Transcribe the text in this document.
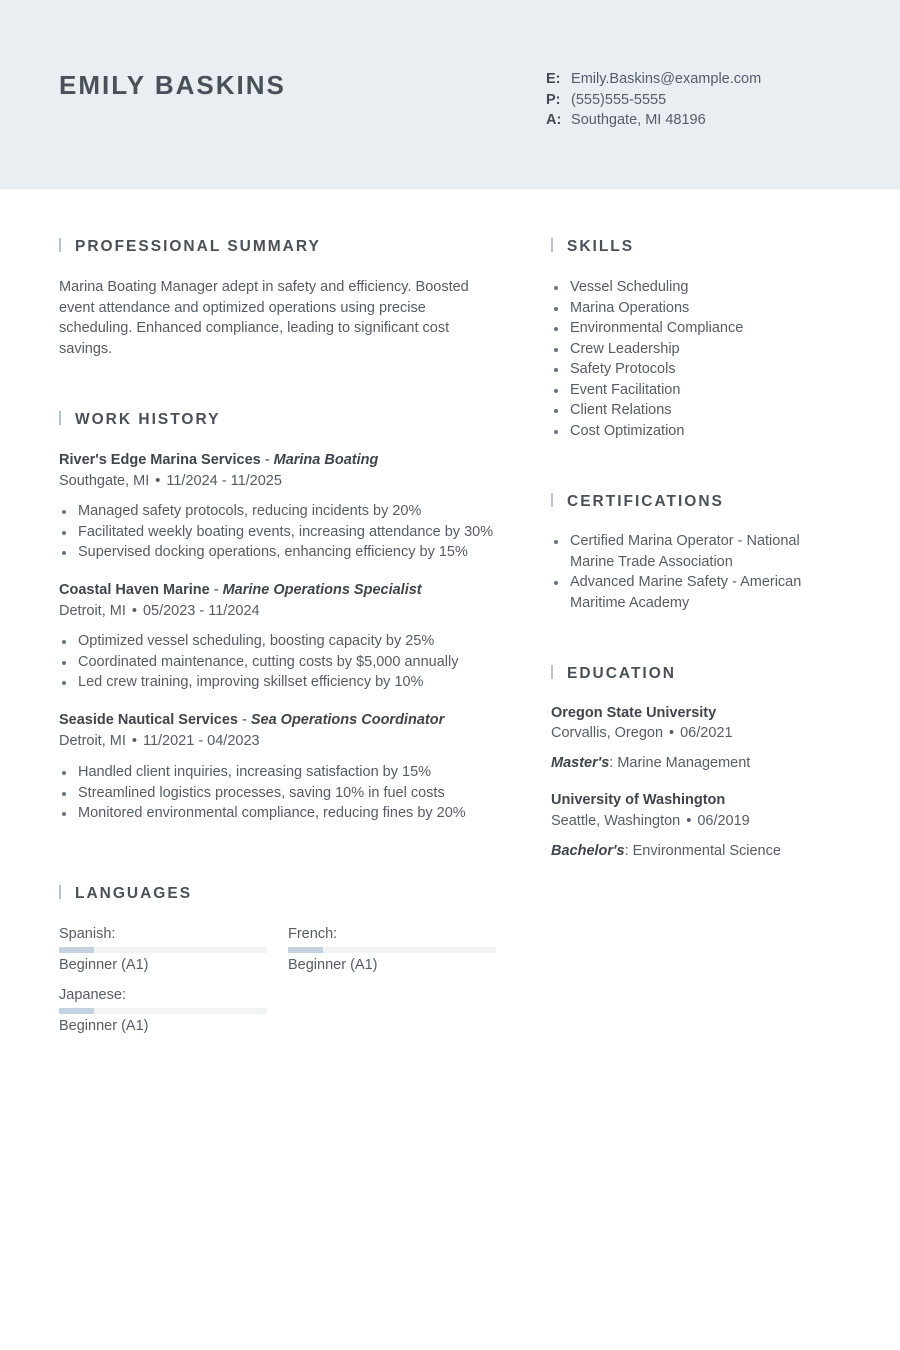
EMILY BASKINS	E: Emily.Baskins@example.com
P: (555)555-5555
A: Southgate, MI 48196
PROFESSIONAL SUMMARY
Marina Boating Manager adept in safety and efficiency. Boosted event attendance and optimized operations using precise scheduling. Enhanced compliance, leading to significant cost savings.
WORK HISTORY
River's Edge Marina Services - Marina Boating
Southgate, MI • 11/2024 - 11/2025
Managed safety protocols, reducing incidents by 20%
Facilitated weekly boating events, increasing attendance by 30%
Supervised docking operations, enhancing efficiency by 15%
Coastal Haven Marine - Marine Operations Specialist
Detroit, MI • 05/2023 - 11/2024
Optimized vessel scheduling, boosting capacity by 25%
Coordinated maintenance, cutting costs by $5,000 annually
Led crew training, improving skillset efficiency by 10%
Seaside Nautical Services - Sea Operations Coordinator
Detroit, MI • 11/2021 - 04/2023
Handled client inquiries, increasing satisfaction by 15%
Streamlined logistics processes, saving 10% in fuel costs
Monitored environmental compliance, reducing fines by 20%
LANGUAGES
Spanish:
Beginner (A1)
French:
Beginner (A1)
Japanese:
Beginner (A1)
SKILLS
Vessel Scheduling
Marina Operations
Environmental Compliance
Crew Leadership
Safety Protocols
Event Facilitation
Client Relations
Cost Optimization
CERTIFICATIONS
Certified Marina Operator - National Marine Trade Association
Advanced Marine Safety - American Maritime Academy
EDUCATION
Oregon State University
Corvallis, Oregon • 06/2021
Master's: Marine Management
University of Washington
Seattle, Washington • 06/2019
Bachelor's: Environmental Science
